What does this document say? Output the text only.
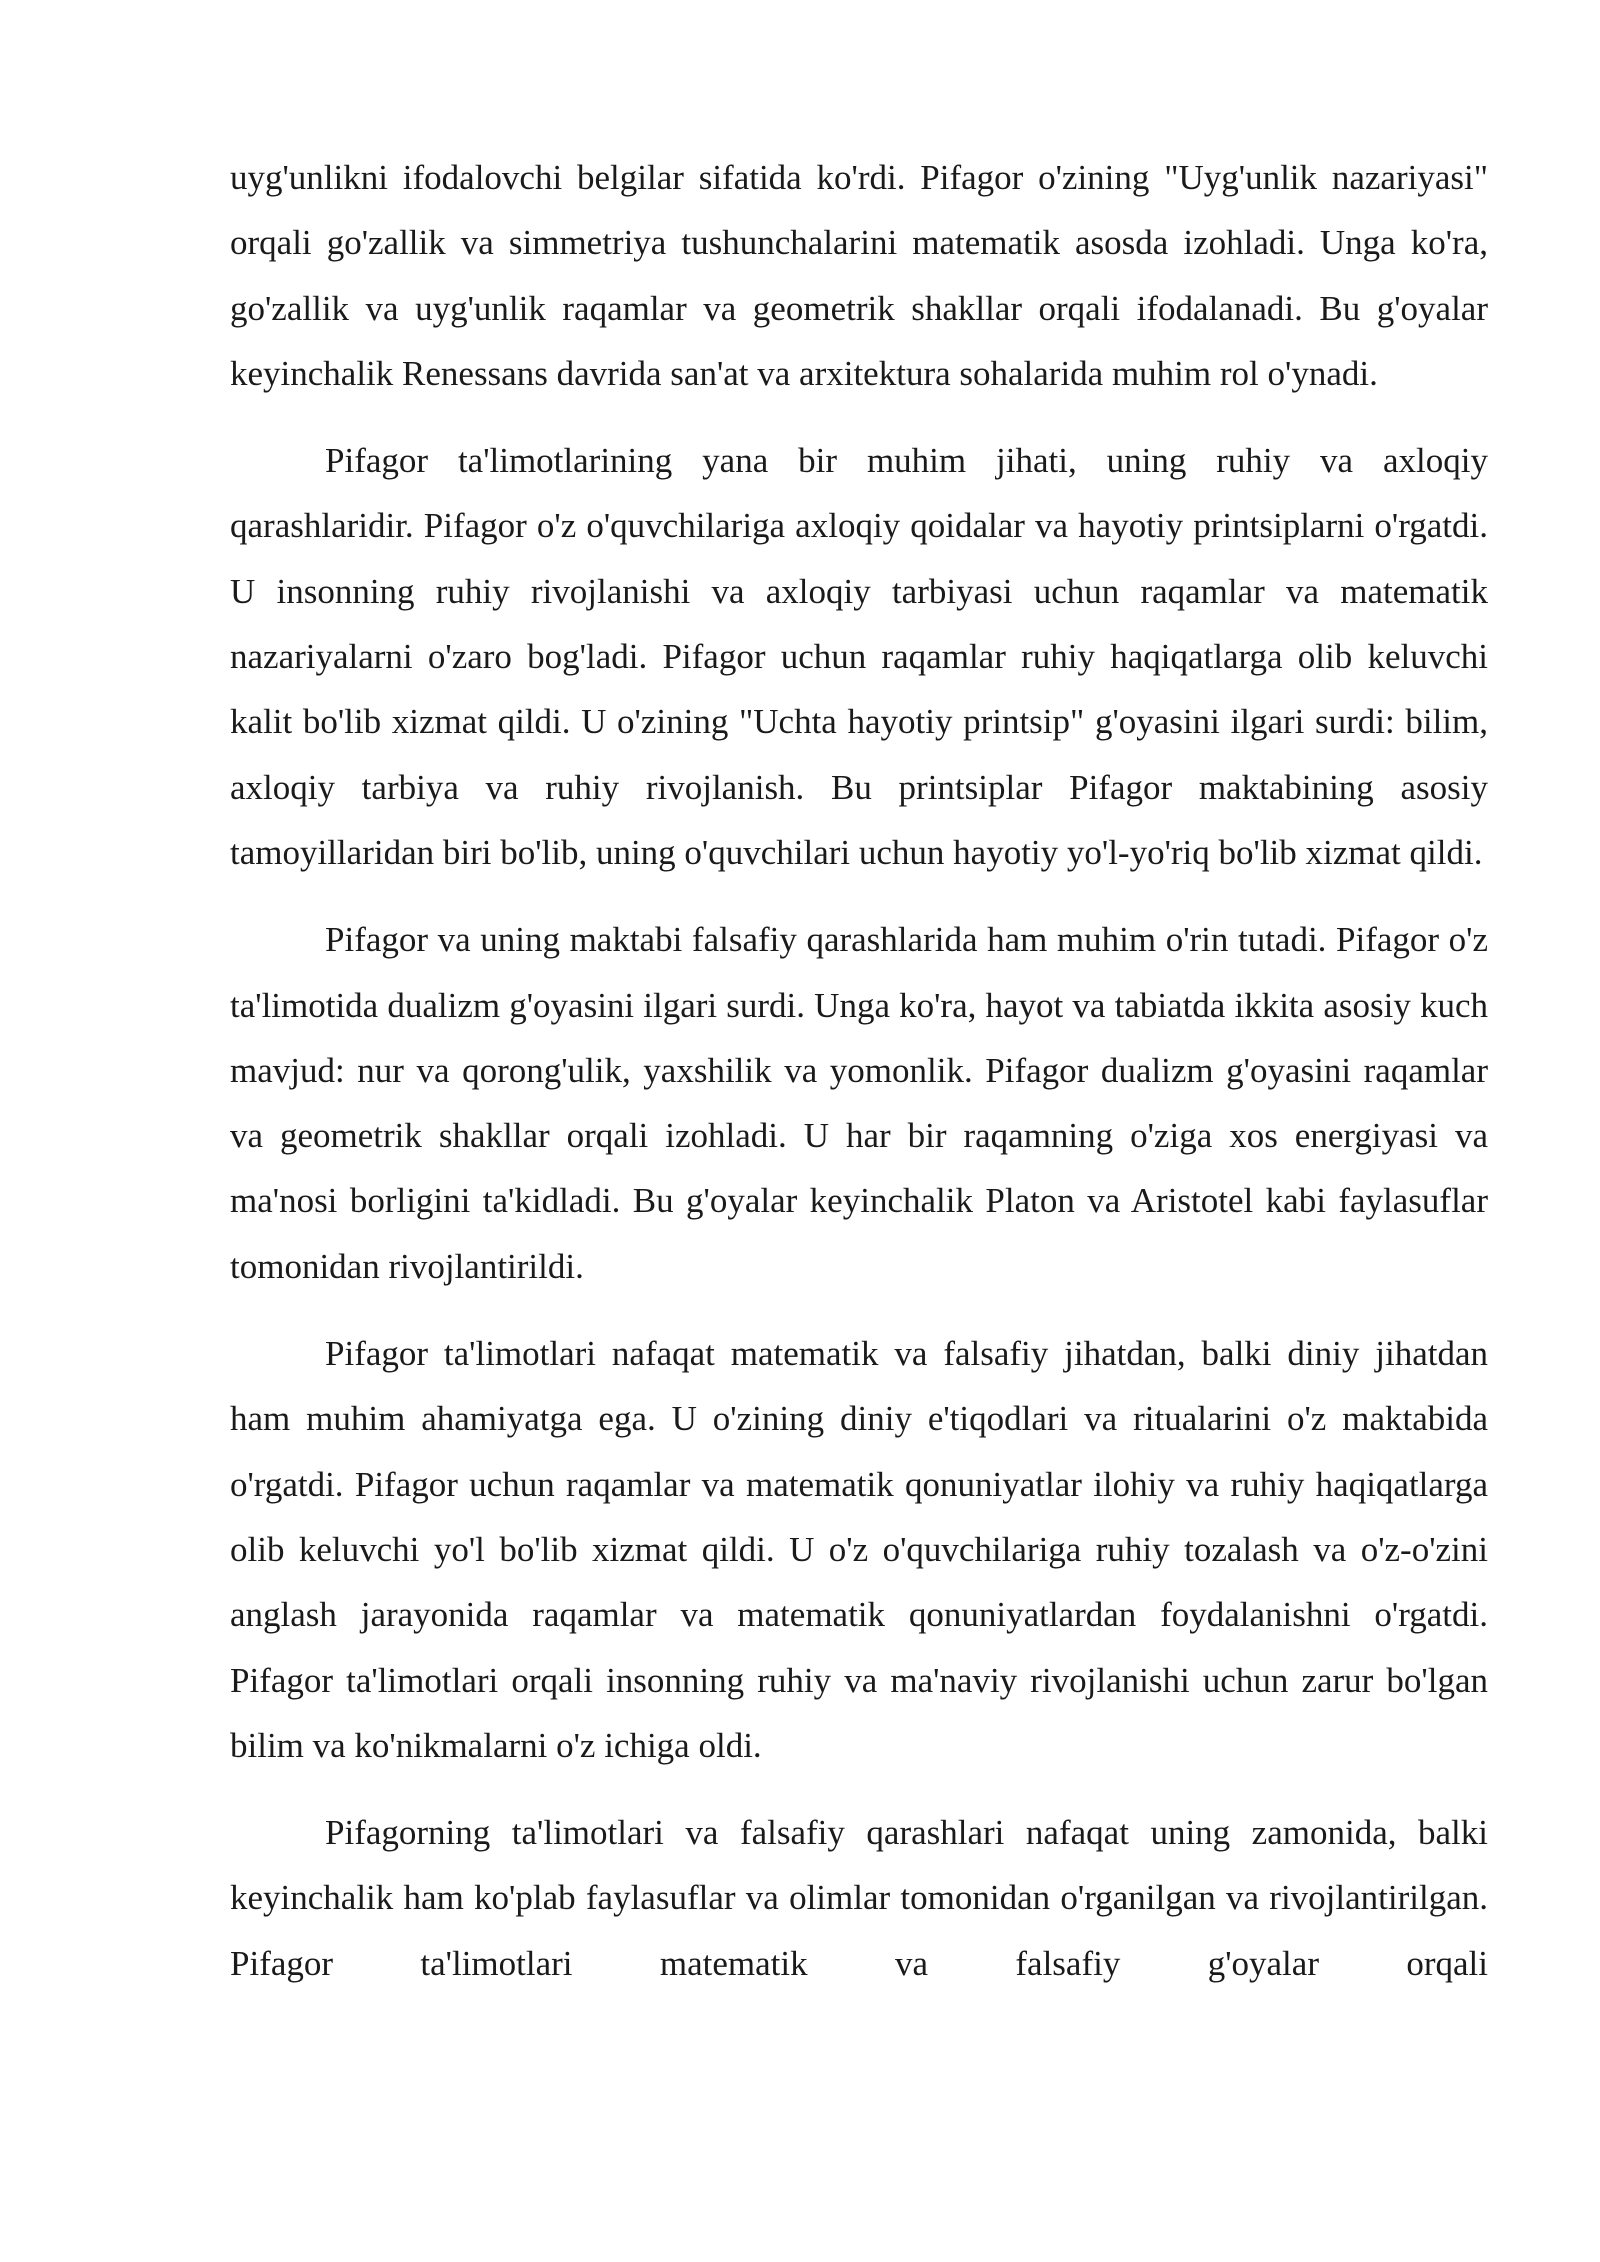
uyg'unlikni ifodalovchi belgilar sifatida ko'rdi. Pifagor o'zining "Uyg'unlik nazariyasi" orqali go'zallik va simmetriya tushunchalarini matematik asosda izohladi. Unga ko'ra, go'zallik va uyg'unlik raqamlar va geometrik shakllar orqali ifodalanadi. Bu g'oyalar keyinchalik Renessans davrida san'at va arxitektura sohalarida muhim rol o'ynadi.

Pifagor ta'limotlarining yana bir muhim jihati, uning ruhiy va axloqiy qarashlaridir. Pifagor o'z o'quvchilariga axloqiy qoidalar va hayotiy printsiplarni o'rgatdi. U insonning ruhiy rivojlanishi va axloqiy tarbiyasi uchun raqamlar va matematik nazariyalarni o'zaro bog'ladi. Pifagor uchun raqamlar ruhiy haqiqatlarga olib keluvchi kalit bo'lib xizmat qildi. U o'zining "Uchta hayotiy printsip" g'oyasini ilgari surdi: bilim, axloqiy tarbiya va ruhiy rivojlanish. Bu printsiplar Pifagor maktabining asosiy tamoyillaridan biri bo'lib, uning o'quvchilari uchun hayotiy yo'l-yo'riq bo'lib xizmat qildi.

Pifagor va uning maktabi falsafiy qarashlarida ham muhim o'rin tutadi. Pifagor o'z ta'limotida dualizm g'oyasini ilgari surdi. Unga ko'ra, hayot va tabiatda ikkita asosiy kuch mavjud: nur va qorong'ulik, yaxshilik va yomonlik. Pifagor dualizm g'oyasini raqamlar va geometrik shakllar orqali izohladi. U har bir raqamning o'ziga xos energiyasi va ma'nosi borligini ta'kidladi. Bu g'oyalar keyinchalik Platon va Aristotel kabi faylasuflar tomonidan rivojlantirildi.

Pifagor ta'limotlari nafaqat matematik va falsafiy jihatdan, balki diniy jihatdan ham muhim ahamiyatga ega. U o'zining diniy e'tiqodlari va ritualarini o'z maktabida o'rgatdi. Pifagor uchun raqamlar va matematik qonuniyatlar ilohiy va ruhiy haqiqatlarga olib keluvchi yo'l bo'lib xizmat qildi. U o'z o'quvchilariga ruhiy tozalash va o'z-o'zini anglash jarayonida raqamlar va matematik qonuniyatlardan foydalanishni o'rgatdi. Pifagor ta'limotlari orqali insonning ruhiy va ma'naviy rivojlanishi uchun zarur bo'lgan bilim va ko'nikmalarni o'z ichiga oldi.

Pifagorning ta'limotlari va falsafiy qarashlari nafaqat uning zamonida, balki keyinchalik ham ko'plab faylasuflar va olimlar tomonidan o'rganilgan va rivojlantirilgan. Pifagor ta'limotlari matematik va falsafiy g'oyalar orqali
